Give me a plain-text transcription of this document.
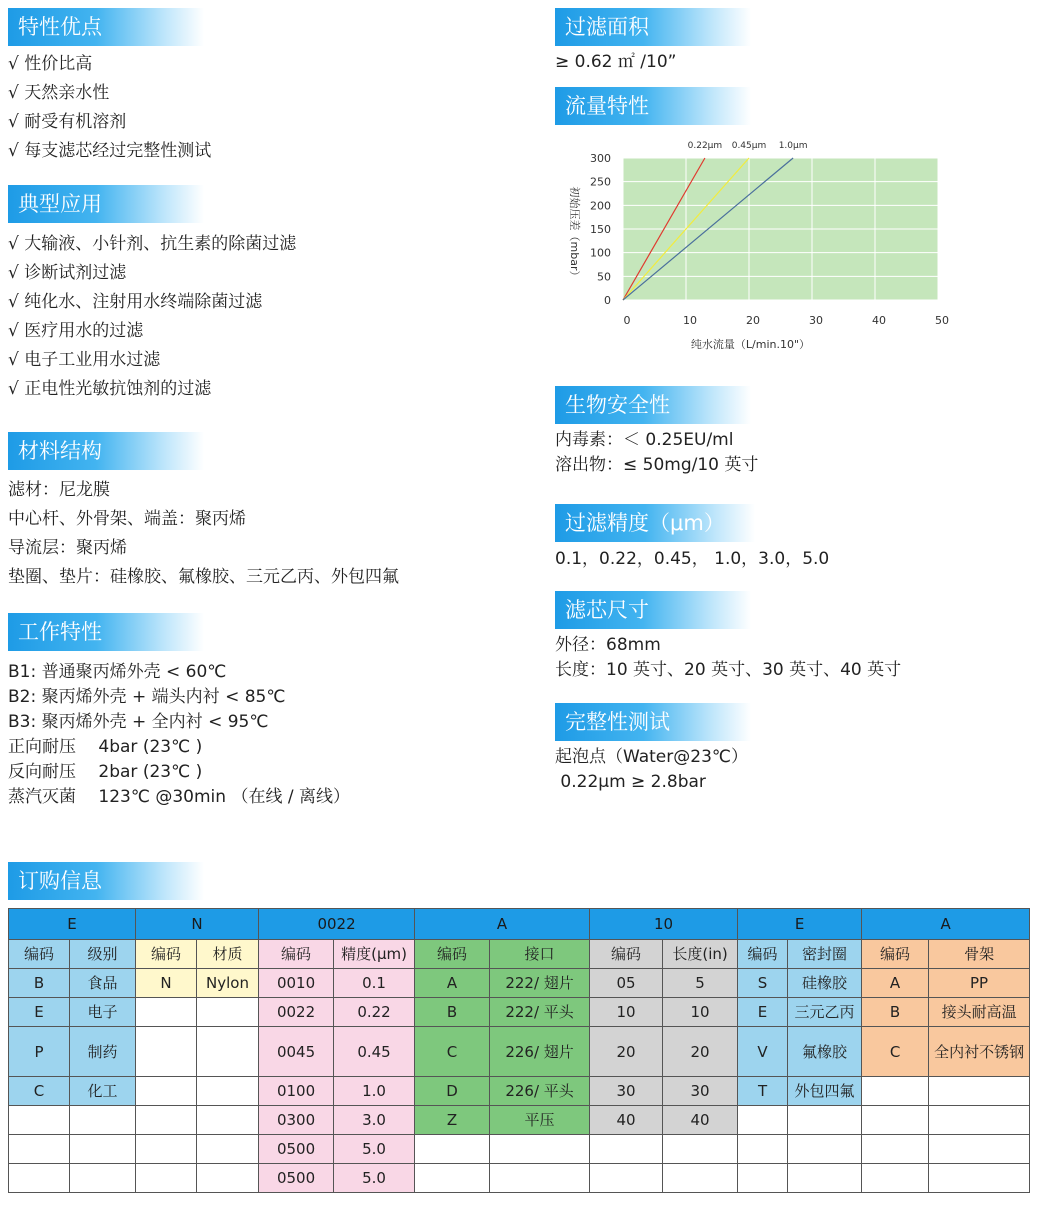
特性优点
√ 性价比高
√ 天然亲水性
√ 耐受有机溶剂
√ 每支滤芯经过完整性测试
典型应用
√ 大输液、小针剂、抗生素的除菌过滤
√ 诊断试剂过滤
√ 纯化水、注射用水终端除菌过滤
√ 医疗用水的过滤
√ 电子工业用水过滤
√ 正电性光敏抗蚀剂的过滤
材料结构
滤材：尼龙膜
中心杆、外骨架、端盖：聚丙烯
导流层：聚丙烯
垫圈、垫片：硅橡胶、氟橡胶、三元乙丙、外包四氟
工作特性
B1: 普通聚丙烯外壳 < 60℃
B2: 聚丙烯外壳 + 端头内衬 < 85℃
B3: 聚丙烯外壳 + 全内衬 < 95℃
正向耐压　 4bar (23℃ )
反向耐压　 2bar (23℃ )
蒸汽灭菌　 123℃ @30min （在线 / 离线）
过滤面积
≥ 0.62 ㎡ /10”
流量特性
0	10	20	30	40	50
0
50
100
150
200
250
300
0.22μm 0.45μm 1.0μm
纯水流量（L/min.10"）
初始压差（mbar）
生物安全性
内毒素：＜ 0.25EU/ml
溶出物：≤ 50mg/10 英寸
过滤精度（μm）
0.1，0.22，0.45， 1.0，3.0，5.0
滤芯尺寸
外径：68mm
长度：10 英寸、20 英寸、30 英寸、40 英寸
完整性测试
起泡点（Water@23℃）
0.22μm ≥ 2.8bar
订购信息
E		N		0022		A		10		E		A	
编码	级别	编码	材质	编码	精度(μm)	编码	接口	编码	长度(in)	编码	密封圈	编码	骨架
B	食品	N	Nylon	0010	0.1	A	222/ 翅片	05	5	S	硅橡胶	A	PP
E	电子			0022	0.22	B	222/ 平头	10	10	E	三元乙丙	B	接头耐高温
P	制药			0045	0.45	C	226/ 翅片	20	20	V	氟橡胶	C	全内衬不锈钢
C	化工			0100	1.0	D	226/ 平头	30	30	T	外包四氟		
				0300	3.0	Z	平压	40	40				
				0500	5.0								
				0500	5.0								
